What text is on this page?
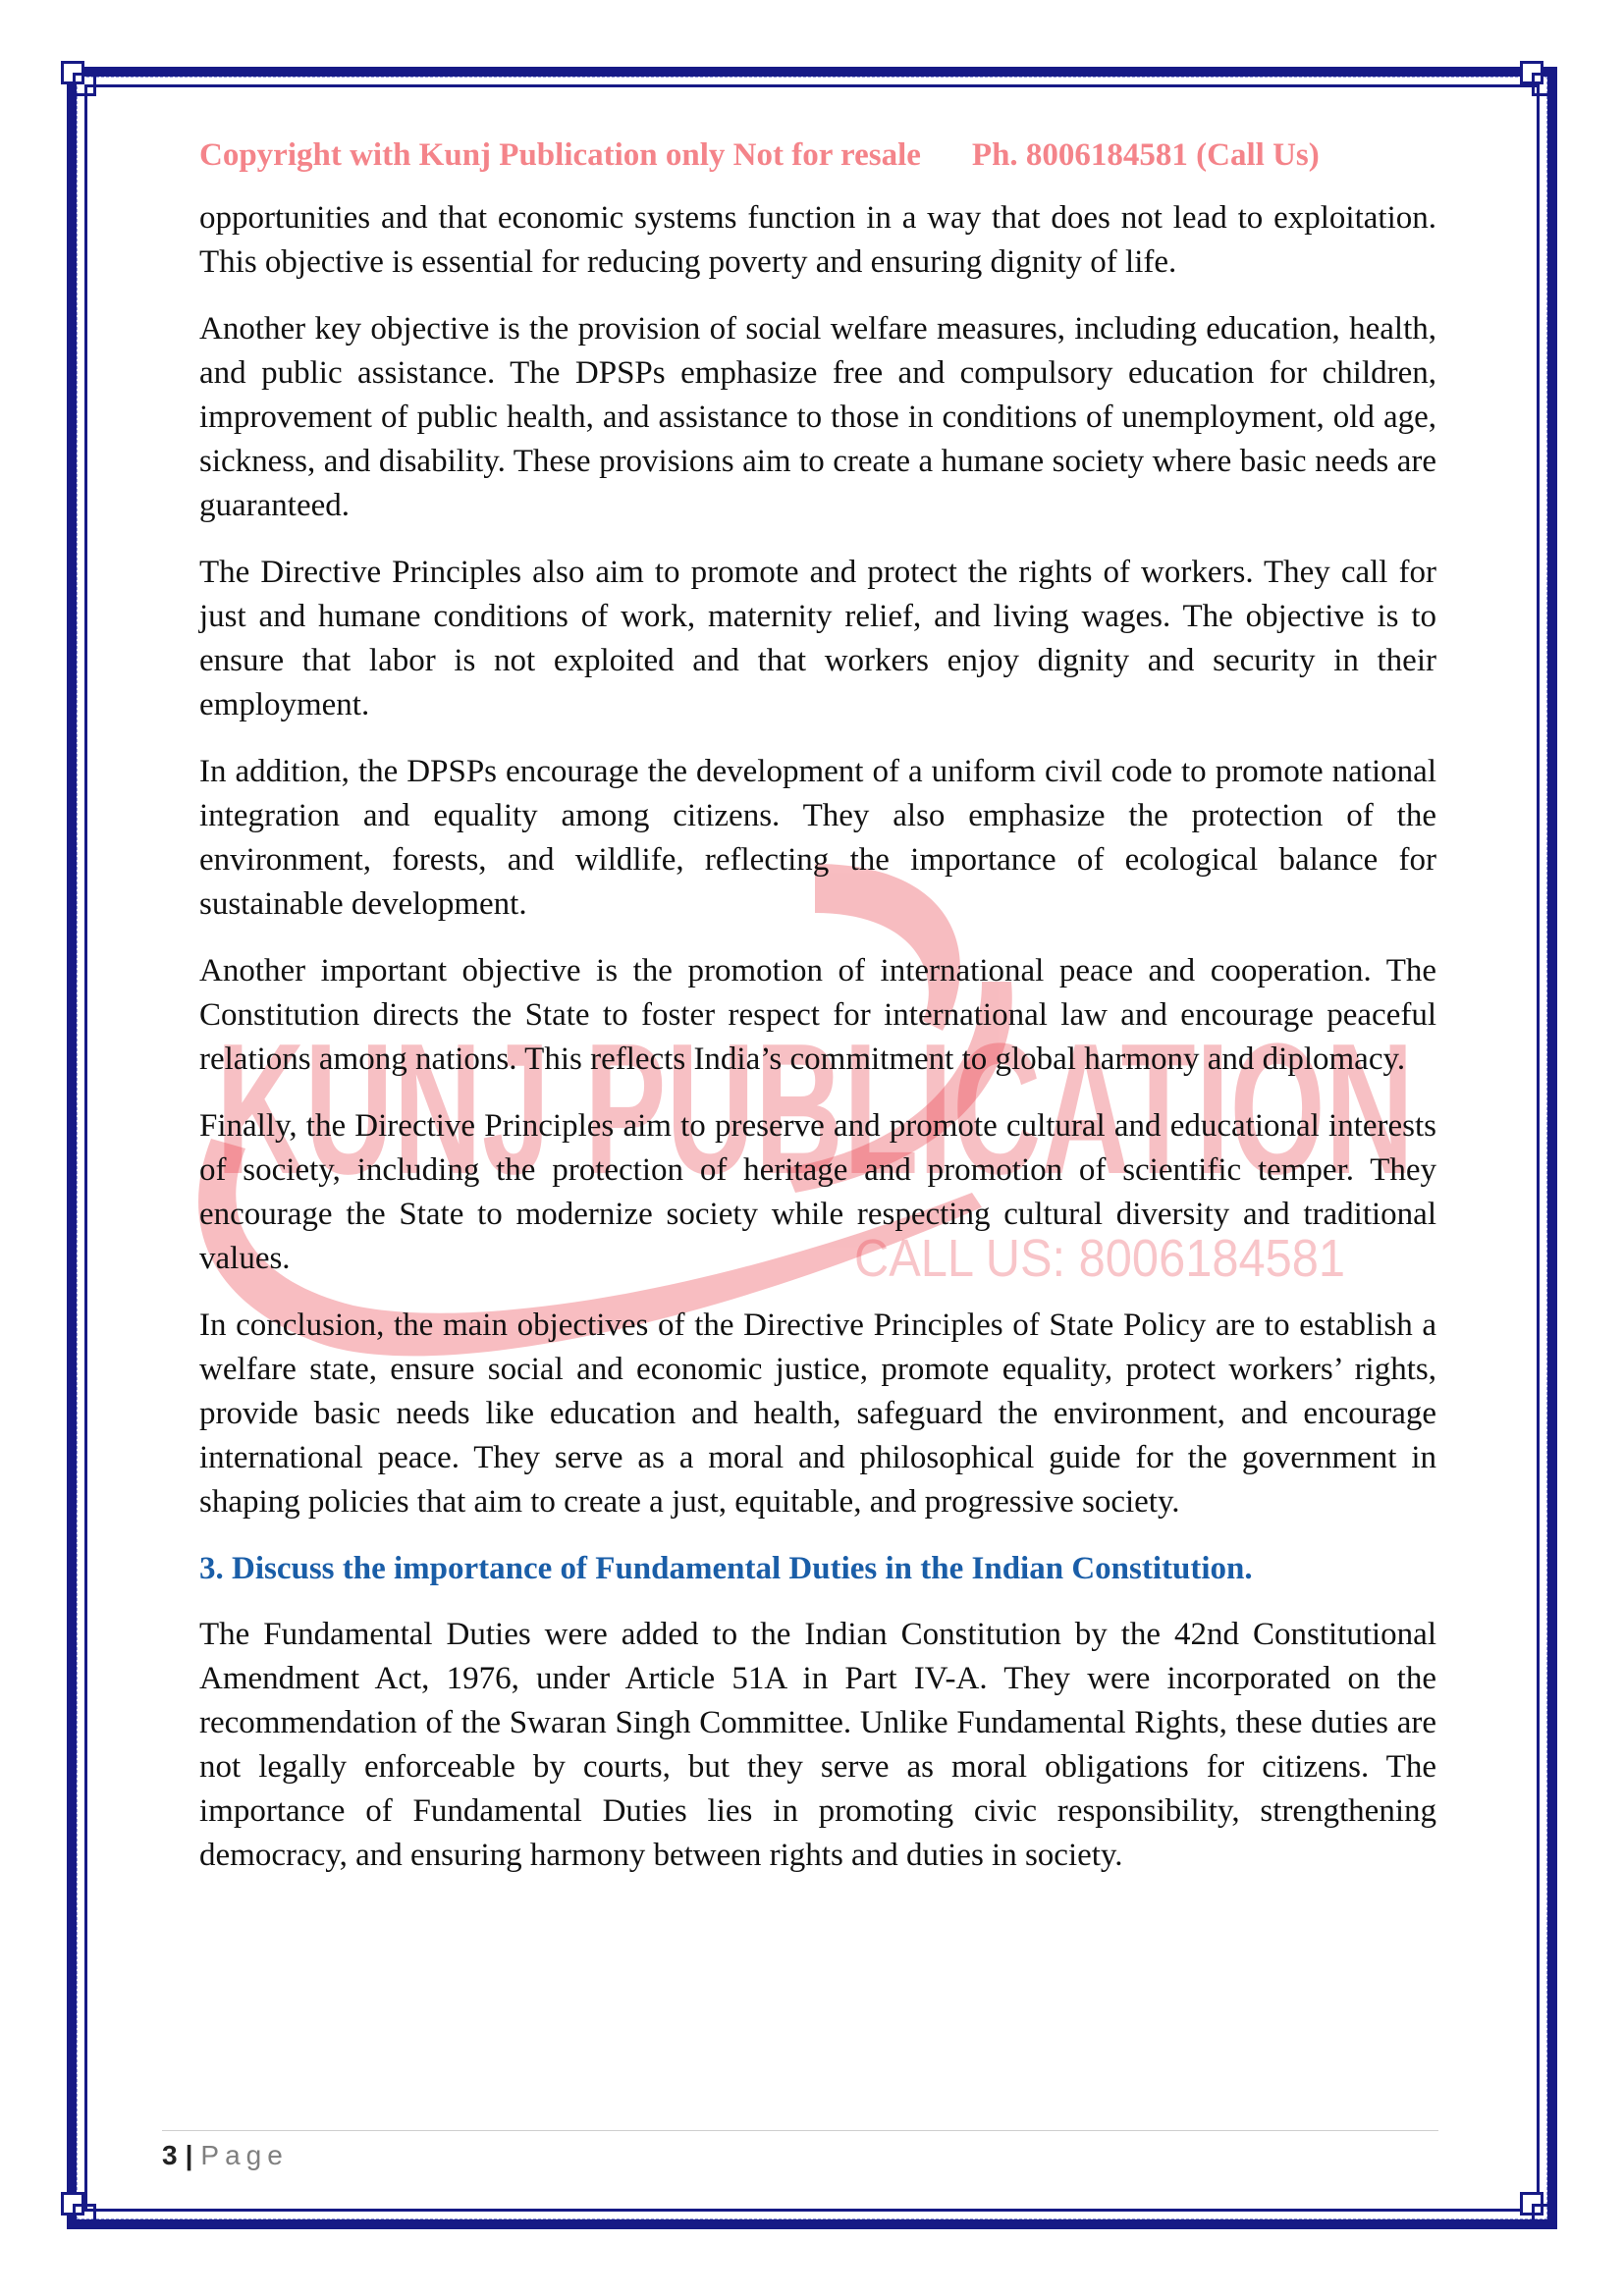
KUNJ PUBLICATION
CALL US: 8006184581
Copyright with Kunj Publication only Not for resale Ph. 8006184581 (Call Us)

opportunities and that economic systems function in a way that does not lead to exploitation. This objective is essential for reducing poverty and ensuring dignity of life.

Another key objective is the provision of social welfare measures, including education, health, and public assistance. The DPSPs emphasize free and compulsory education for children, improvement of public health, and assistance to those in conditions of unemployment, old age, sickness, and disability. These provisions aim to create a humane society where basic needs are guaranteed.

The Directive Principles also aim to promote and protect the rights of workers. They call for just and humane conditions of work, maternity relief, and living wages. The objective is to ensure that labor is not exploited and that workers enjoy dignity and security in their employment.

In addition, the DPSPs encourage the development of a uniform civil code to promote national integration and equality among citizens. They also emphasize the protection of the environment, forests, and wildlife, reflecting the importance of ecological balance for sustainable development.

Another important objective is the promotion of international peace and cooperation. The Constitution directs the State to foster respect for international law and encourage peaceful relations among nations. This reflects India’s commitment to global harmony and diplomacy.

Finally, the Directive Principles aim to preserve and promote cultural and educational interests of society, including the protection of heritage and promotion of scientific temper. They encourage the State to modernize society while respecting cultural diversity and traditional values.

In conclusion, the main objectives of the Directive Principles of State Policy are to establish a welfare state, ensure social and economic justice, promote equality, protect workers’ rights, provide basic needs like education and health, safeguard the environment, and encourage international peace. They serve as a moral and philosophical guide for the government in shaping policies that aim to create a just, equitable, and progressive society.

3. Discuss the importance of Fundamental Duties in the Indian Constitution.

The Fundamental Duties were added to the Indian Constitution by the 42nd Constitutional Amendment Act, 1976, under Article 51A in Part IV-A. They were incorporated on the recommendation of the Swaran Singh Committee. Unlike Fundamental Rights, these duties are not legally enforceable by courts, but they serve as moral obligations for citizens. The importance of Fundamental Duties lies in promoting civic responsibility, strengthening democracy, and ensuring harmony between rights and duties in society.

3 | Page
